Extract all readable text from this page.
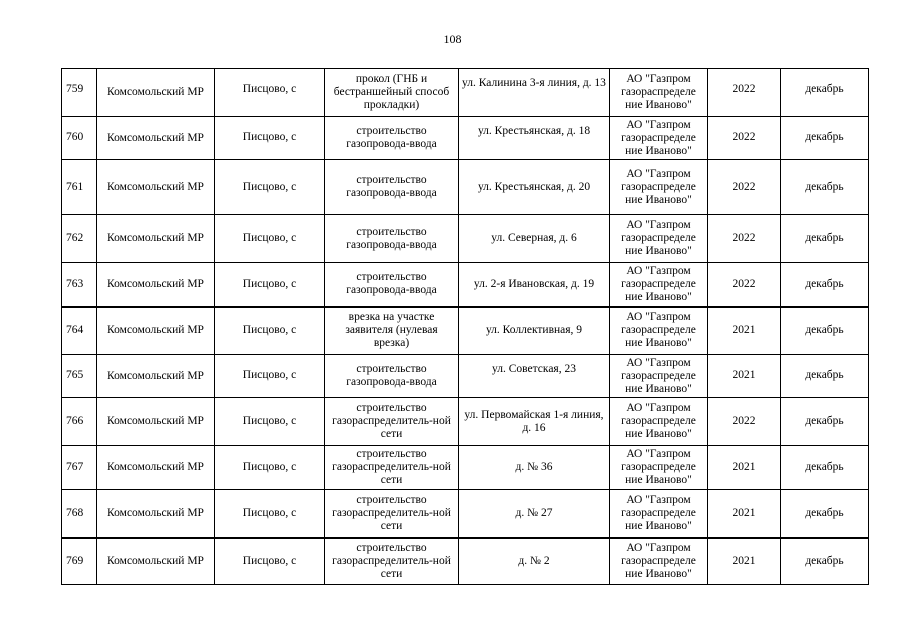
108
759	Комсомольский МР	Писцово, с	прокол (ГНБ и бестраншейный способ прокладки)	ул. Калинина 3-я линия, д. 13	АО "Газпром газораспределе ние Иваново"	2022	декабрь
760	Комсомольский МР	Писцово, с	строительство газопровода-ввода	ул. Крестьянская, д. 18	АО "Газпром газораспределе ние Иваново"	2022	декабрь
761	Комсомольский МР	Писцово, с	строительство газопровода-ввода	ул. Крестьянская, д. 20	АО "Газпром газораспределе ние Иваново"	2022	декабрь
762	Комсомольский МР	Писцово, с	строительство газопровода-ввода	ул. Северная, д. 6	АО "Газпром газораспределе ние Иваново"	2022	декабрь
763	Комсомольский МР	Писцово, с	строительство газопровода-ввода	ул. 2-я Ивановская, д. 19	АО "Газпром газораспределе ние Иваново"	2022	декабрь
764	Комсомольский МР	Писцово, с	врезка на участке заявителя (нулевая врезка)	ул. Коллективная, 9	АО "Газпром газораспределе ние Иваново"	2021	декабрь
765	Комсомольский МР	Писцово, с	строительство газопровода-ввода	ул. Советская, 23	АО "Газпром газораспределе ние Иваново"	2021	декабрь
766	Комсомольский МР	Писцово, с	строительство газораспределитель-ной сети	ул. Первомайская 1-я линия, д. 16	АО "Газпром газораспределе ние Иваново"	2022	декабрь
767	Комсомольский МР	Писцово, с	строительство газораспределитель-ной сети	д. № 36	АО "Газпром газораспределе ние Иваново"	2021	декабрь
768	Комсомольский МР	Писцово, с	строительство газораспределитель-ной сети	д. № 27	АО "Газпром газораспределе ние Иваново"	2021	декабрь
769	Комсомольский МР	Писцово, с	строительство газораспределитель-ной сети	д. № 2	АО "Газпром газораспределе ние Иваново"	2021	декабрь
